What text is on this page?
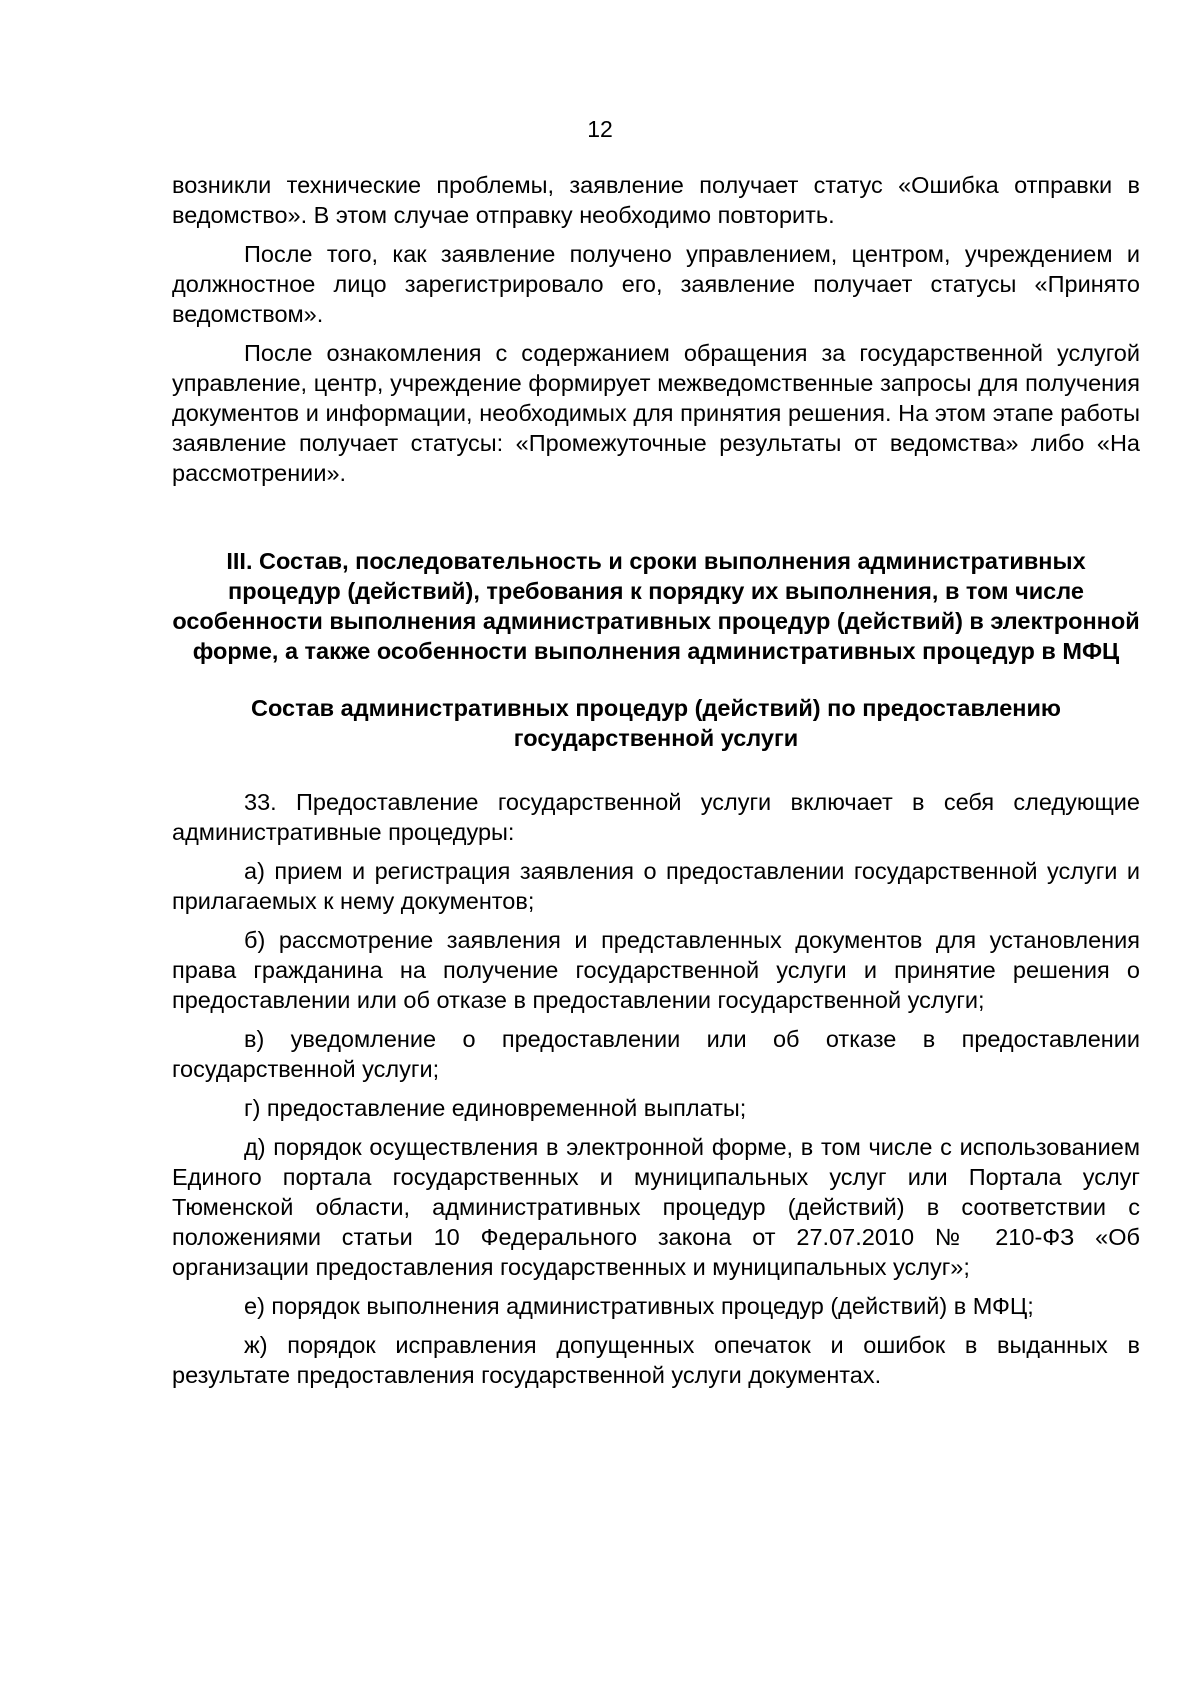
12

возникли технические проблемы, заявление получает статус «Ошибка отправки в ведомство». В этом случае отправку необходимо повторить.

После того, как заявление получено управлением, центром, учреждением и должностное лицо зарегистрировало его, заявление получает статусы «Принято ведомством».

После ознакомления с содержанием обращения за государственной услугой управление, центр, учреждение формирует межведомственные запросы для получения документов и информации, необходимых для принятия решения. На этом этапе работы заявление получает статусы: «Промежуточные результаты от ведомства» либо «На рассмотрении».

III. Состав, последовательность и сроки выполнения административных процедур (действий), требования к порядку их выполнения, в том числе особенности выполнения административных процедур (действий) в электронной форме, а также особенности выполнения административных процедур в МФЦ
Состав административных процедур (действий) по предоставлению государственной услуги

33. Предоставление государственной услуги включает в себя следующие административные процедуры:

а) прием и регистрация заявления о предоставлении государственной услуги и прилагаемых к нему документов;

б) рассмотрение заявления и представленных документов для установления права гражданина на получение государственной услуги и принятие решения о предоставлении или об отказе в предоставлении государственной услуги;

в) уведомление о предоставлении или об отказе в предоставлении государственной услуги;

г) предоставление единовременной выплаты;

д) порядок осуществления в электронной форме, в том числе с использованием Единого портала государственных и муниципальных услуг или Портала услуг Тюменской области, административных процедур (действий) в соответствии с положениями статьи 10 Федерального закона от 27.07.2010 № 210-ФЗ «Об организации предоставления государственных и муниципальных услуг»;

е) порядок выполнения административных процедур (действий) в МФЦ;

ж) порядок исправления допущенных опечаток и ошибок в выданных в результате предоставления государственной услуги документах.
